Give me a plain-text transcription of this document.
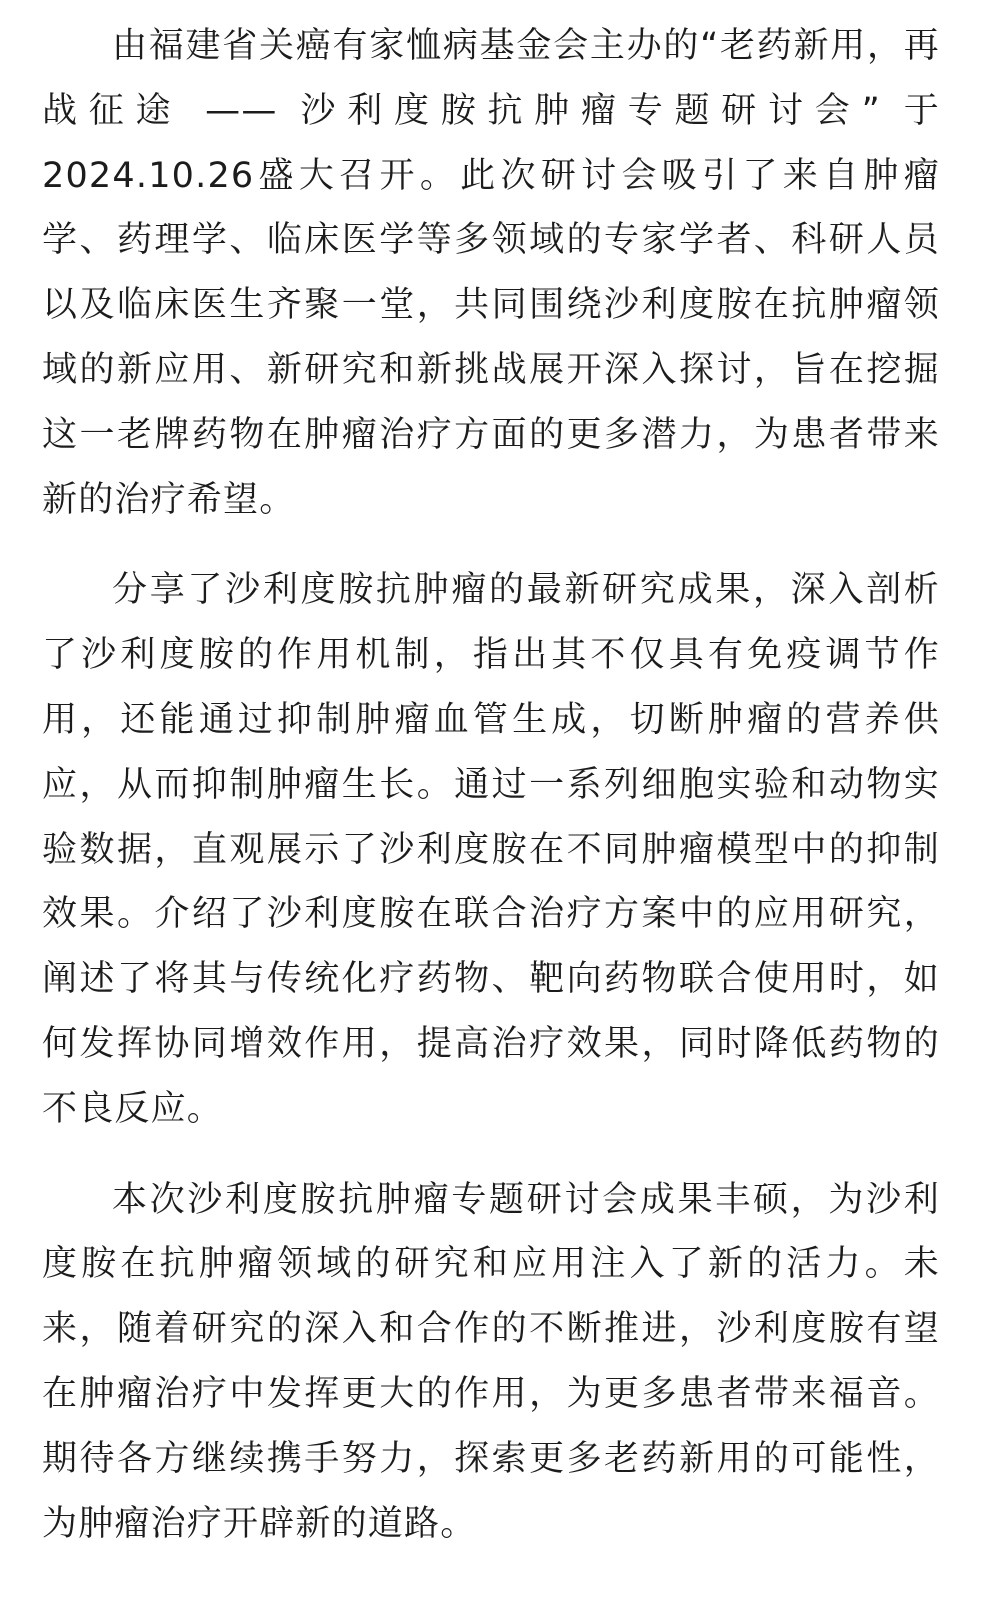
由福建省关癌有家恤病基金会主办的“老药新用，再战征途 —— 沙利度胺抗肿瘤专题研讨会” 于2024.10.26盛大召开。此次研讨会吸引了来自肿瘤学、药理学、临床医学等多领域的专家学者、科研人员以及临床医生齐聚一堂，共同围绕沙利度胺在抗肿瘤领域的新应用、新研究和新挑战展开深入探讨，旨在挖掘这一老牌药物在肿瘤治疗方面的更多潜力，为患者带来新的治疗希望。

分享了沙利度胺抗肿瘤的最新研究成果，深入剖析了沙利度胺的作用机制，指出其不仅具有免疫调节作用，还能通过抑制肿瘤血管生成，切断肿瘤的营养供应，从而抑制肿瘤生长。通过一系列细胞实验和动物实验数据，直观展示了沙利度胺在不同肿瘤模型中的抑制效果。介绍了沙利度胺在联合治疗方案中的应用研究，阐述了将其与传统化疗药物、靶向药物联合使用时，如何发挥协同增效作用，提高治疗效果，同时降低药物的不良反应。

本次沙利度胺抗肿瘤专题研讨会成果丰硕，为沙利度胺在抗肿瘤领域的研究和应用注入了新的活力。未来，随着研究的深入和合作的不断推进，沙利度胺有望在肿瘤治疗中发挥更大的作用，为更多患者带来福音。期待各方继续携手努力，探索更多老药新用的可能性，为肿瘤治疗开辟新的道路。
